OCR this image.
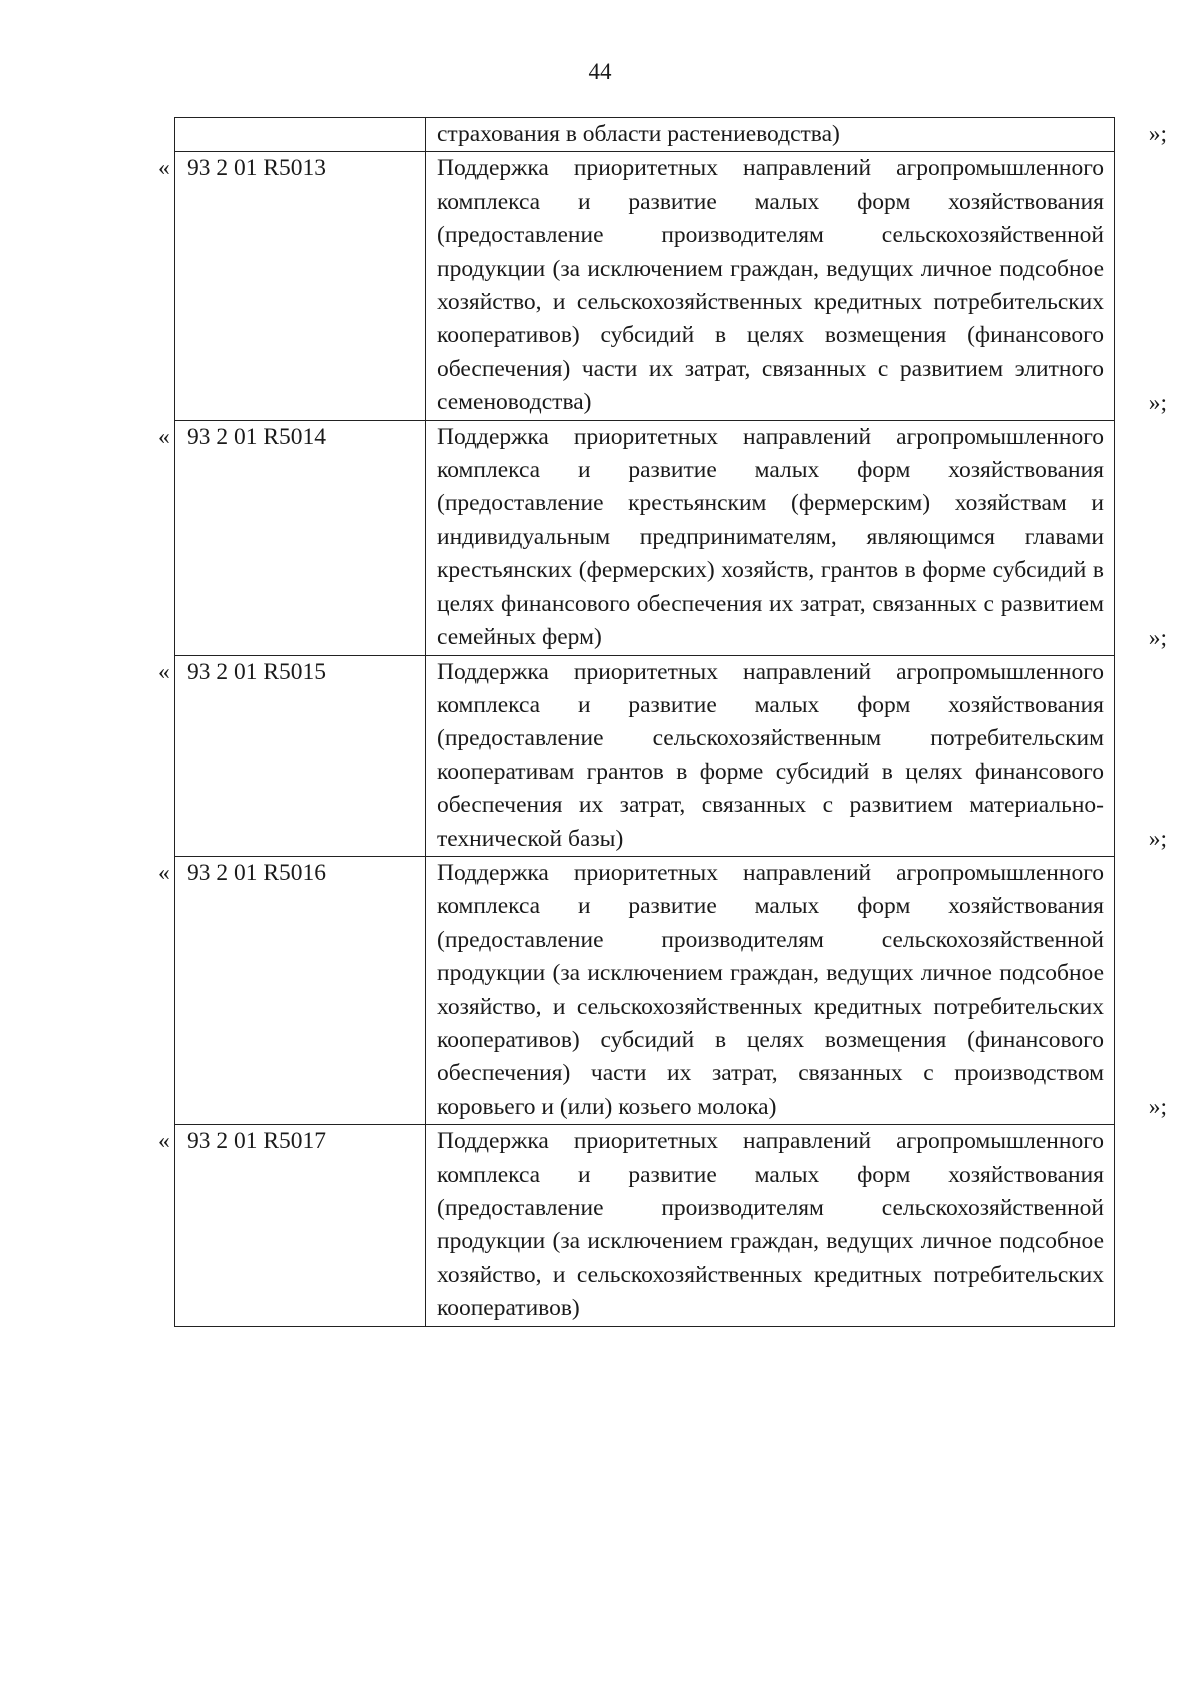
44

	страхования в области растениеводства) »;

« 93 2 01 R5013	Поддержка приоритетных направлений агропромышленного комплекса и развитие малых форм хозяйствования (предоставление производителям сельскохозяйственной продукции (за исключением граждан, ведущих личное подсобное хозяйство, и сельскохозяйственных кредитных потребительских кооперативов) субсидий в целях возмещения (финансового обеспечения) части их затрат, связанных с развитием элитного семеноводства) »;

« 93 2 01 R5014	Поддержка приоритетных направлений агропромышленного комплекса и развитие малых форм хозяйствования (предоставление крестьянским (фермерским) хозяйствам и индивидуальным предпринимателям, являющимся главами крестьянских (фермерских) хозяйств, грантов в форме субсидий в целях финансового обеспечения их затрат, связанных с развитием семейных ферм) »;

« 93 2 01 R5015	Поддержка приоритетных направлений агропромышленного комплекса и развитие малых форм хозяйствования (предоставление сельскохозяйственным потребительским кооперативам грантов в форме субсидий в целях финансового обеспечения их затрат, связанных с развитием материально-технической базы) »;

« 93 2 01 R5016	Поддержка приоритетных направлений агропромышленного комплекса и развитие малых форм хозяйствования (предоставление производителям сельскохозяйственной продукции (за исключением граждан, ведущих личное подсобное хозяйство, и сельскохозяйственных кредитных потребительских кооперативов) субсидий в целях возмещения (финансового обеспечения) части их затрат, связанных с производством коровьего и (или) козьего молока) »;

« 93 2 01 R5017	Поддержка приоритетных направлений агропромышленного комплекса и развитие малых форм хозяйствования (предоставление производителям сельскохозяйственной продукции (за исключением граждан, ведущих личное подсобное хозяйство, и сельскохозяйственных кредитных потребительских кооперативов)
